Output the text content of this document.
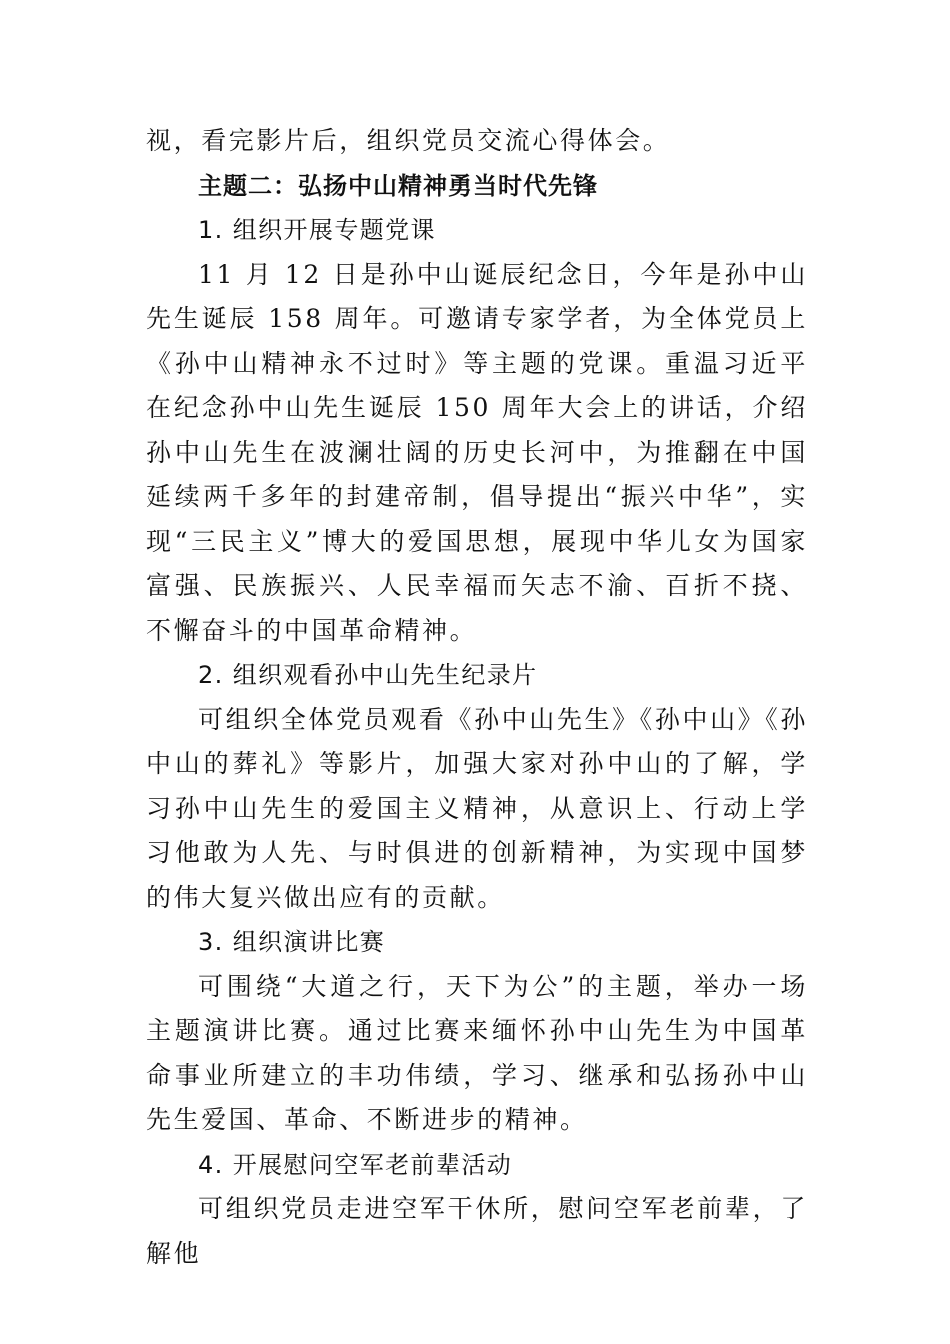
视，看完影片后，组织党员交流心得体会。

主题二：弘扬中山精神勇当时代先锋

1. 组织开展专题党课

11 月 12 日是孙中山诞辰纪念日，今年是孙中山先生诞辰 158 周年。可邀请专家学者，为全体党员上《孙中山精神永不过时》等主题的党课。重温习近平在纪念孙中山先生诞辰 150 周年大会上的讲话，介绍孙中山先生在波澜壮阔的历史长河中，为推翻在中国延续两千多年的封建帝制，倡导提出“振兴中华”，实现“三民主义”博大的爱国思想，展现中华儿女为国家富强、民族振兴、人民幸福而矢志不渝、百折不挠、不懈奋斗的中国革命精神。

2. 组织观看孙中山先生纪录片

可组织全体党员观看《孙中山先生》《孙中山》《孙中山的葬礼》等影片，加强大家对孙中山的了解，学习孙中山先生的爱国主义精神，从意识上、行动上学习他敢为人先、与时俱进的创新精神，为实现中国梦的伟大复兴做出应有的贡献。

3. 组织演讲比赛

可围绕“大道之行，天下为公”的主题，举办一场主题演讲比赛。通过比赛来缅怀孙中山先生为中国革命事业所建立的丰功伟绩，学习、继承和弘扬孙中山先生爱国、革命、不断进步的精神。

4. 开展慰问空军老前辈活动

可组织党员走进空军干休所，慰问空军老前辈，了解他
